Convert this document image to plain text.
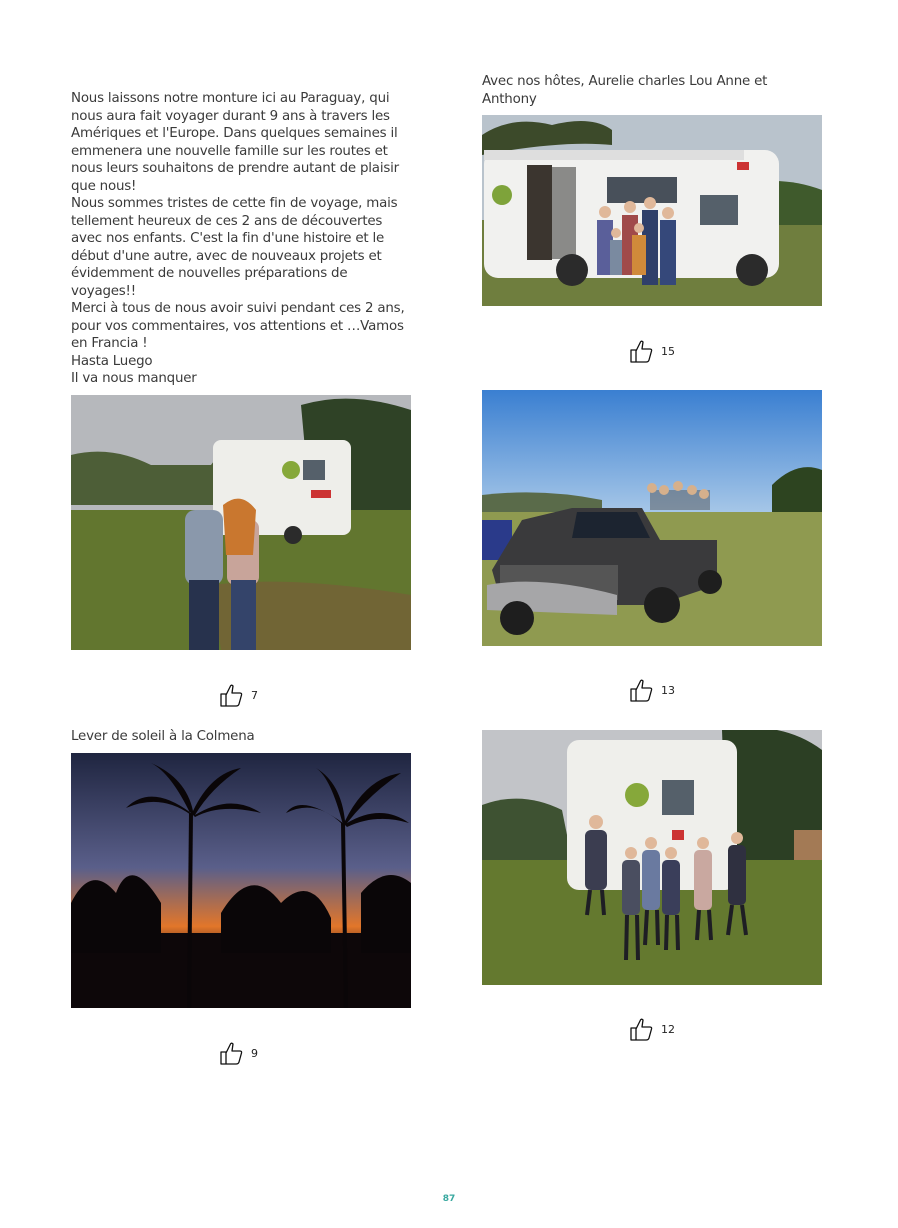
Nous laissons notre monture ici au Paraguay, qui nous aura fait voyager durant 9 ans à travers les Amériques et l'Europe. Dans quelques semaines il emmenera une nouvelle famille sur les routes et nous leurs souhaitons de prendre autant de plaisir que nous!

Nous sommes tristes de cette fin de voyage, mais tellement heureux de ces 2 ans de découvertes avec nos enfants. C'est la fin d'une histoire et le début d'une autre, avec de nouveaux projets et évidemment de nouvelles préparations de voyages!!

Merci à tous de nous avoir suivi pendant ces 2 ans, pour vos commentaires, vos attentions et …Vamos en Francia !

Hasta Luego

Il va nous manquer

Avec nos hôtes, Aurelie charles Lou Anne et Anthony
15
7	13
Lever de soleil à la Colmena
9
12
87
